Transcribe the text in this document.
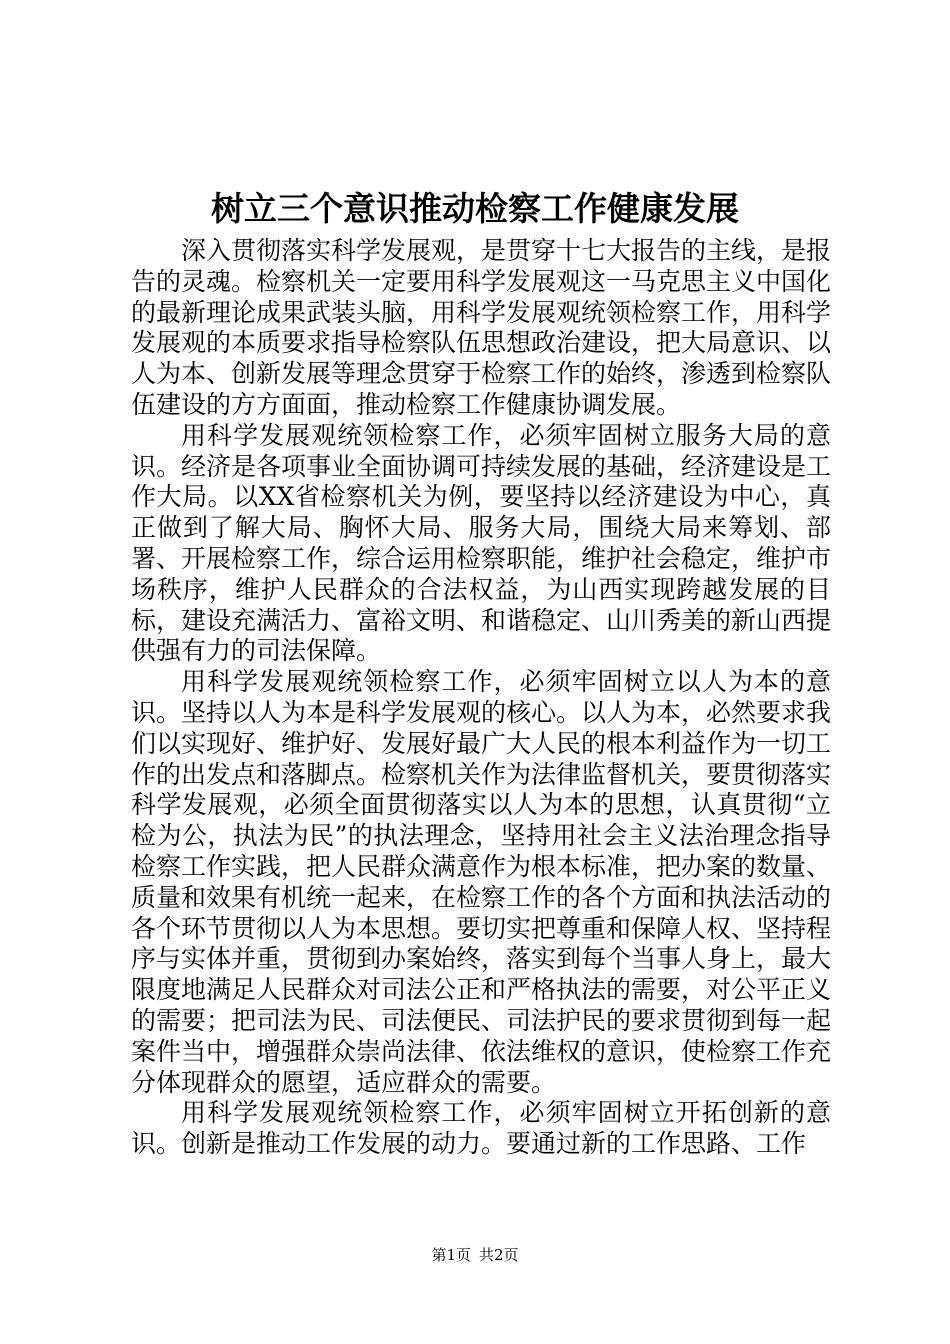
树立三个意识推动检察工作健康发展

深入贯彻落实科学发展观，是贯穿十七大报告的主线，是报告的灵魂。检察机关一定要用科学发展观这一马克思主义中国化的最新理论成果武装头脑，用科学发展观统领检察工作，用科学发展观的本质要求指导检察队伍思想政治建设，把大局意识、以人为本、创新发展等理念贯穿于检察工作的始终，渗透到检察队伍建设的方方面面，推动检察工作健康协调发展。

用科学发展观统领检察工作，必须牢固树立服务大局的意识。经济是各项事业全面协调可持续发展的基础，经济建设是工作大局。以XX省检察机关为例，要坚持以经济建设为中心，真正做到了解大局、胸怀大局、服务大局，围绕大局来筹划、部署、开展检察工作，综合运用检察职能，维护社会稳定，维护市场秩序，维护人民群众的合法权益，为山西实现跨越发展的目标，建设充满活力、富裕文明、和谐稳定、山川秀美的新山西提供强有力的司法保障。

用科学发展观统领检察工作，必须牢固树立以人为本的意识。坚持以人为本是科学发展观的核心。以人为本，必然要求我们以实现好、维护好、发展好最广大人民的根本利益作为一切工作的出发点和落脚点。检察机关作为法律监督机关，要贯彻落实科学发展观，必须全面贯彻落实以人为本的思想，认真贯彻“立检为公，执法为民”的执法理念，坚持用社会主义法治理念指导检察工作实践，把人民群众满意作为根本标准，把办案的数量、质量和效果有机统一起来，在检察工作的各个方面和执法活动的各个环节贯彻以人为本思想。要切实把尊重和保障人权、坚持程序与实体并重，贯彻到办案始终，落实到每个当事人身上，最大限度地满足人民群众对司法公正和严格执法的需要，对公平正义的需要；把司法为民、司法便民、司法护民的要求贯彻到每一起案件当中，增强群众崇尚法律、依法维权的意识，使检察工作充分体现群众的愿望，适应群众的需要。

用科学发展观统领检察工作，必须牢固树立开拓创新的意识。创新是推动工作发展的动力。要通过新的工作思路、工作

第1页 共2页
